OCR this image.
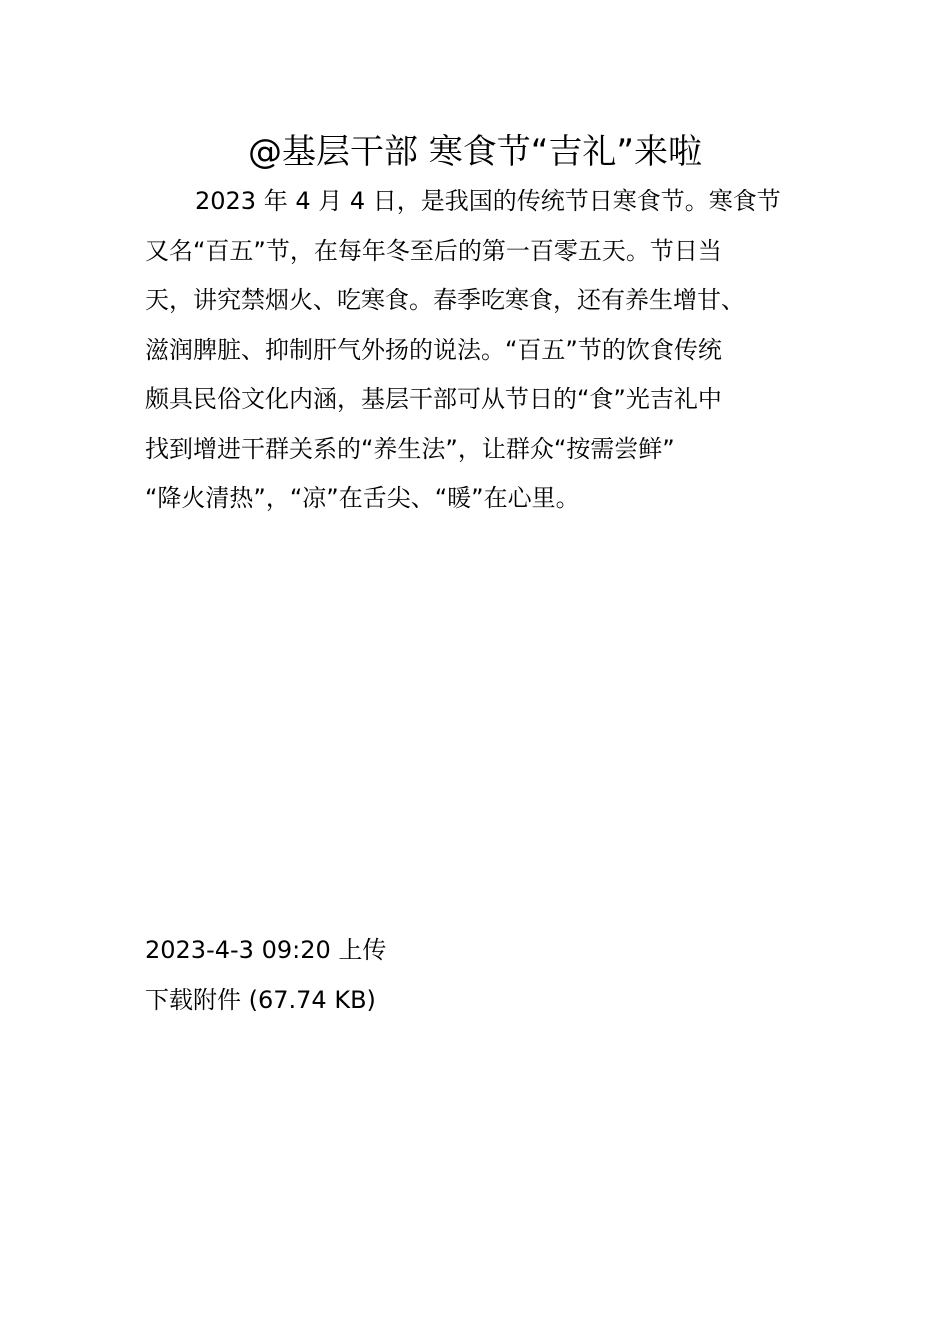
@基层干部 寒食节“吉礼”来啦
2023 年 4 月 4 日，是我国的传统节日寒食节。寒食节
又名“百五”节，在每年冬至后的第一百零五天。节日当
天，讲究禁烟火、吃寒食。春季吃寒食，还有养生增甘、
滋润脾脏、抑制肝气外扬的说法。“百五”节的饮食传统
颇具民俗文化内涵，基层干部可从节日的“食”光吉礼中
找到增进干群关系的“养生法”，让群众“按需尝鲜”
“降火清热”，“凉”在舌尖、“暖”在心里。
2023-4-3 09:20 上传
下载附件 (67.74 KB)
